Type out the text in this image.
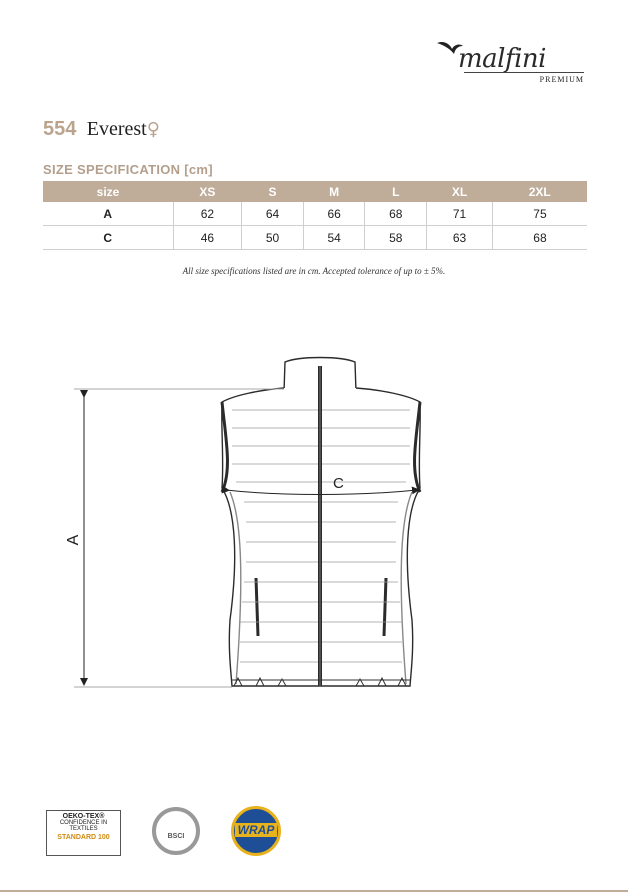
malfini
PREMIUM
554 Everest♀
SIZE SPECIFICATION [cm]
size	XS	S	M	L	XL	2XL
A	62	64	66	68	71	75
C	46	50	54	58	63	68
All size specifications listed are in cm. Accepted tolerance of up to ± 5%.
A
C
OEKO-TEX®
CONFIDENCE IN TEXTILES
STANDARD 100	BSCI	WRAP
